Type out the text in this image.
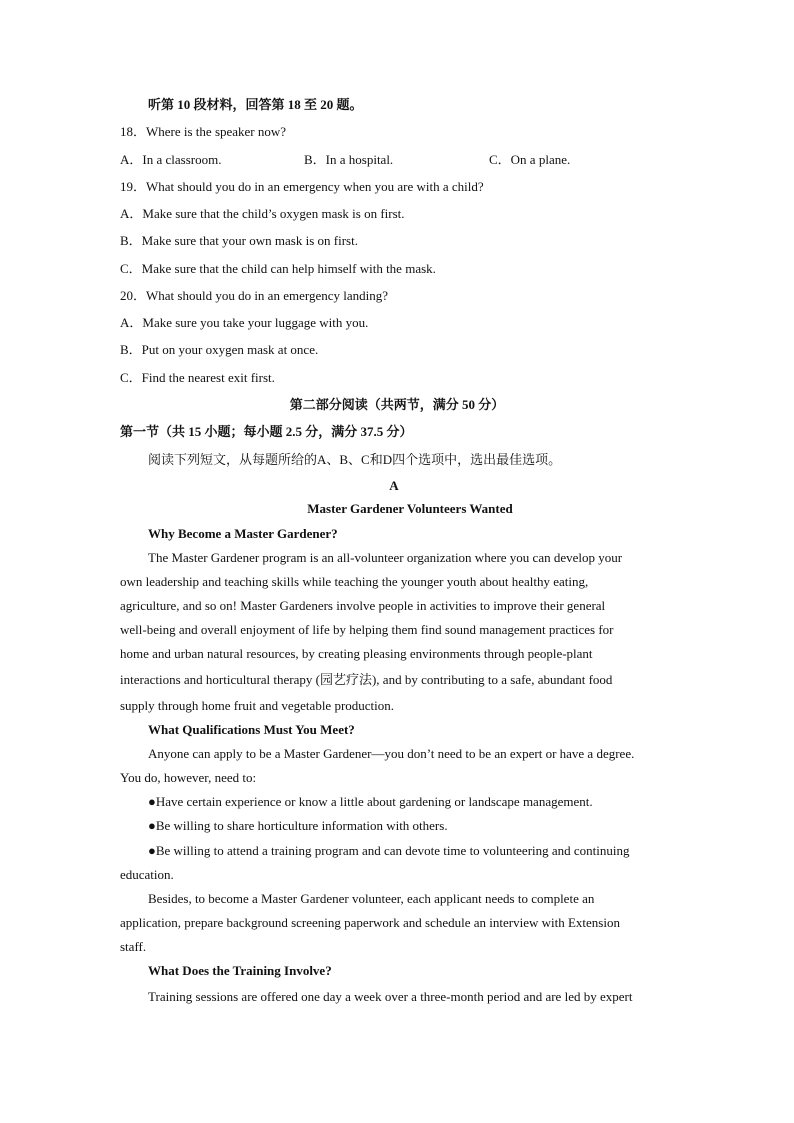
听第 10 段材料，回答第 18 至 20 题。
18．Where is the speaker now?
A．In a classroom.	B．In a hospital.	C．On a plane.
19．What should you do in an emergency when you are with a child?
A．Make sure that the child’s oxygen mask is on first.
B．Make sure that your own mask is on first.
C．Make sure that the child can help himself with the mask.
20．What should you do in an emergency landing?
A．Make sure you take your luggage with you.
B．Put on your oxygen mask at once.
C．Find the nearest exit first.
第二部分阅读（共两节，满分 50 分）
第一节（共 15 小题；每小题 2.5 分，满分 37.5 分）
阅读下列短文，从每题所给的A、B、C和D四个选项中，选出最佳选项。
A
Master Gardener Volunteers Wanted
Why Become a Master Gardener?
The Master Gardener program is an all-volunteer organization where you can develop your
own leadership and teaching skills while teaching the younger youth about healthy eating,
agriculture, and so on! Master Gardeners involve people in activities to improve their general
well-being and overall enjoyment of life by helping them find sound management practices for
home and urban natural resources, by creating pleasing environments through people-plant
interactions and horticultural therapy (园艺疗法), and by contributing to a safe, abundant food
supply through home fruit and vegetable production.
What Qualifications Must You Meet?
Anyone can apply to be a Master Gardener—you don’t need to be an expert or have a degree.
You do, however, need to:
●Have certain experience or know a little about gardening or landscape management.
●Be willing to share horticulture information with others.
●Be willing to attend a training program and can devote time to volunteering and continuing
education.
Besides, to become a Master Gardener volunteer, each applicant needs to complete an
application, prepare background screening paperwork and schedule an interview with Extension
staff.
What Does the Training Involve?
Training sessions are offered one day a week over a three-month period and are led by expert
